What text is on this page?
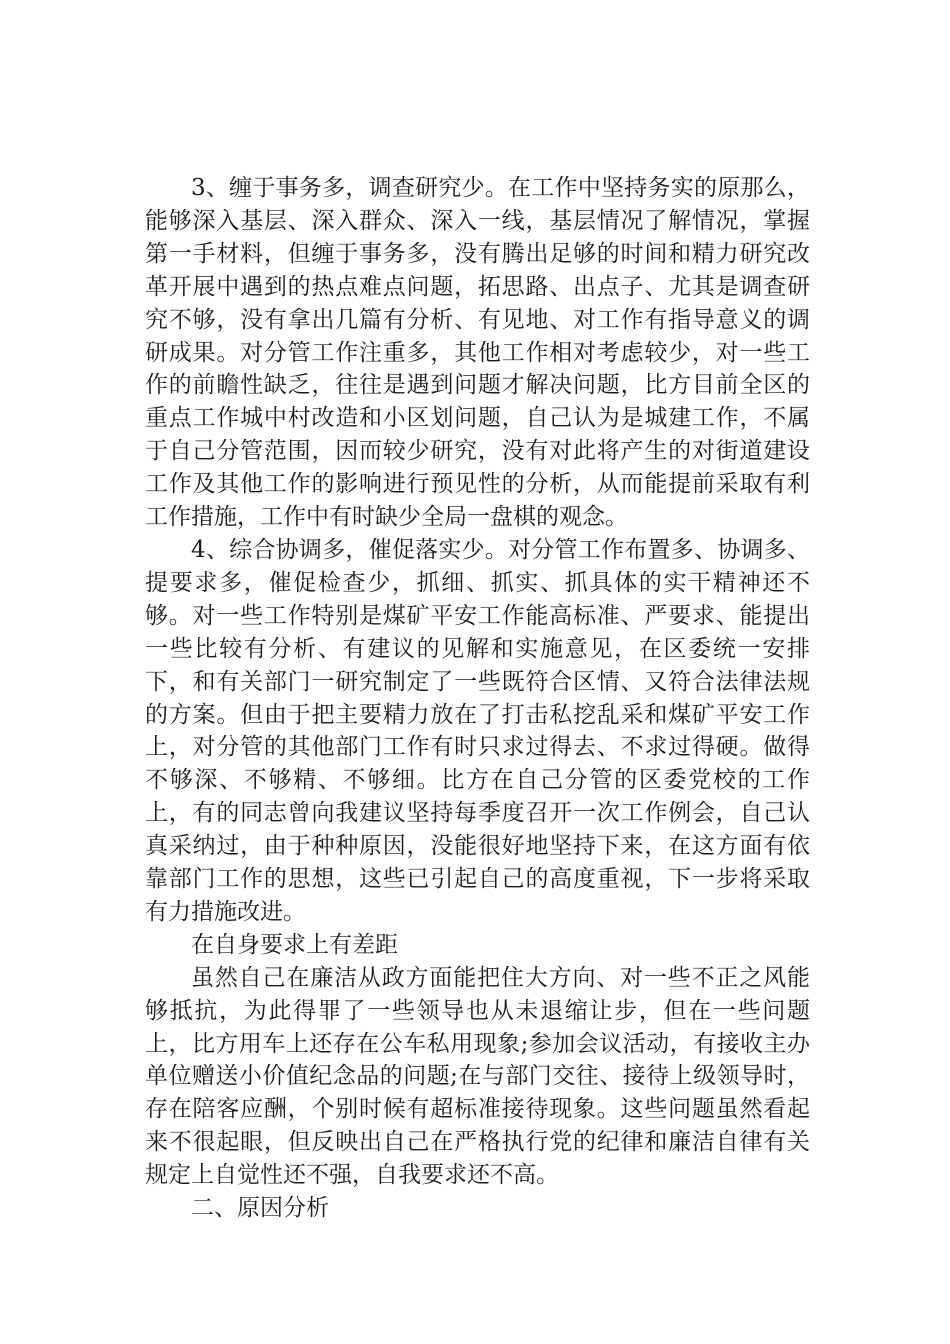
3、缠于事务多，调查研究少。在工作中坚持务实的原那么，能够深入基层、深入群众、深入一线，基层情况了解情况，掌握第一手材料，但缠于事务多，没有腾出足够的时间和精力研究改革开展中遇到的热点难点问题，拓思路、出点子、尤其是调查研究不够，没有拿出几篇有分析、有见地、对工作有指导意义的调研成果。对分管工作注重多，其他工作相对考虑较少，对一些工作的前瞻性缺乏，往往是遇到问题才解决问题，比方目前全区的重点工作城中村改造和小区划问题，自己认为是城建工作，不属于自己分管范围，因而较少研究，没有对此将产生的对街道建设工作及其他工作的影响进行预见性的分析，从而能提前采取有利工作措施，工作中有时缺少全局一盘棋的观念。

4、综合协调多，催促落实少。对分管工作布置多、协调多、提要求多，催促检查少，抓细、抓实、抓具体的实干精神还不够。对一些工作特别是煤矿平安工作能高标准、严要求、能提出一些比较有分析、有建议的见解和实施意见，在区委统一安排下，和有关部门一研究制定了一些既符合区情、又符合法律法规的方案。但由于把主要精力放在了打击私挖乱采和煤矿平安工作上，对分管的其他部门工作有时只求过得去、不求过得硬。做得不够深、不够精、不够细。比方在自己分管的区委党校的工作上，有的同志曾向我建议坚持每季度召开一次工作例会，自己认真采纳过，由于种种原因，没能很好地坚持下来，在这方面有依靠部门工作的思想，这些已引起自己的高度重视，下一步将采取有力措施改进。

在自身要求上有差距

虽然自己在廉洁从政方面能把住大方向、对一些不正之风能够抵抗，为此得罪了一些领导也从未退缩让步，但在一些问题上，比方用车上还存在公车私用现象;参加会议活动，有接收主办单位赠送小价值纪念品的问题;在与部门交往、接待上级领导时，存在陪客应酬，个别时候有超标准接待现象。这些问题虽然看起来不很起眼，但反映出自己在严格执行党的纪律和廉洁自律有关规定上自觉性还不强，自我要求还不高。

二、原因分析
